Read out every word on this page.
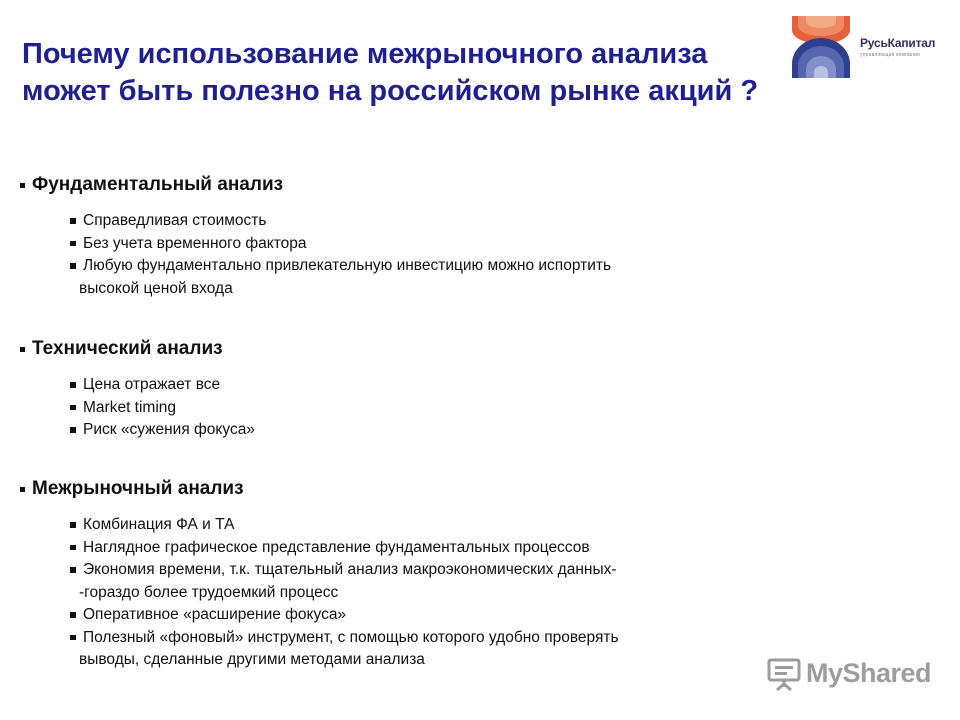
Почему использование межрыночного анализа может быть полезно на российском рынке акций ?
РусьКапитал
управляющая компания
Фундаментальный анализ
Справедливая стоимость
Без учета временного фактора
Любую фундаментально привлекательную инвестицию можно испортить
высокой ценой входа
Технический анализ
Цена отражает все
Market timing
Риск «сужения фокуса»
Межрыночный анализ
Комбинация ФА и ТА
Наглядное графическое представление фундаментальных процессов
Экономия времени, т.к. тщательный анализ макроэкономических данных-
-гораздо более трудоемкий процесс
Оперативное «расширение фокуса»
Полезный «фоновый» инструмент, с помощью которого удобно проверять
выводы, сделанные другими методами анализа	MyShared
